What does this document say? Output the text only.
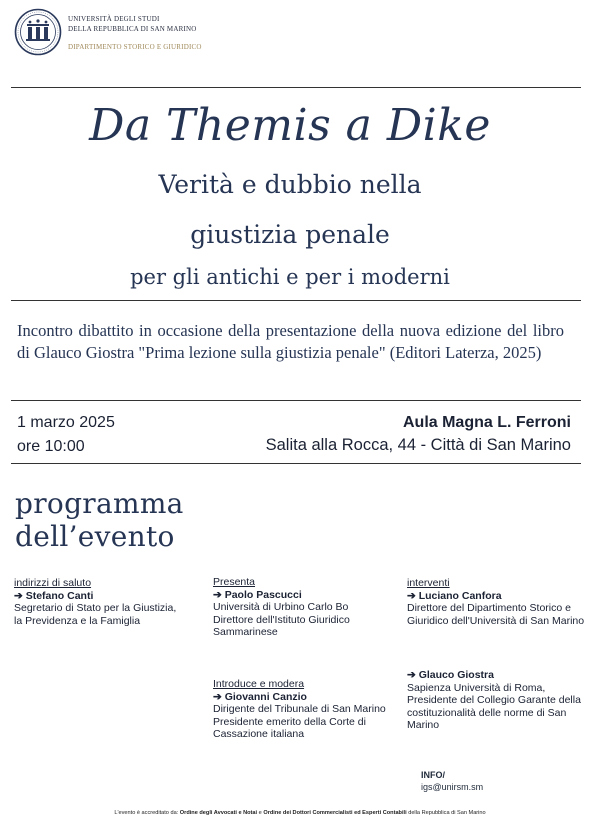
UNIVERSITÀ DEGLI STUDI
DELLA REPUBBLICA DI SAN MARINO
DIPARTIMENTO STORICO E GIURIDICO
Da Themis a Dike
Verità e dubbio nella
giustizia penale
per gli antichi e per i moderni
Incontro dibattito in occasione della presentazione della nuova edizione del libro di Glauco Giostra "Prima lezione sulla giustizia penale" (Editori Laterza, 2025)
1 marzo 2025
ore 10:00
Aula Magna L. Ferroni
Salita alla Rocca, 44 - Città di San Marino
programma
dell’evento
indirizzi di saluto
➔ Stefano Canti
Segretario di Stato per la Giustizia, la Previdenza e la Famiglia
Presenta
➔ Paolo Pascucci
Università di Urbino Carlo Bo Direttore dell'Istituto Giuridico Sammarinese
interventi
➔ Luciano Canfora
Direttore del Dipartimento Storico e Giuridico dell'Università di San Marino
Introduce e modera
➔ Giovanni Canzio
Dirigente del Tribunale di San Marino Presidente emerito della Corte di Cassazione italiana
➔ Glauco Giostra
Sapienza Università di Roma, Presidente del Collegio Garante della costituzionalità delle norme di San Marino
INFO/
igs@unirsm.sm
L'evento è accreditato da: Ordine degli Avvocati e Notai e Ordine dei Dottori Commercialisti ed Esperti Contabili della Repubblica di San Marino
